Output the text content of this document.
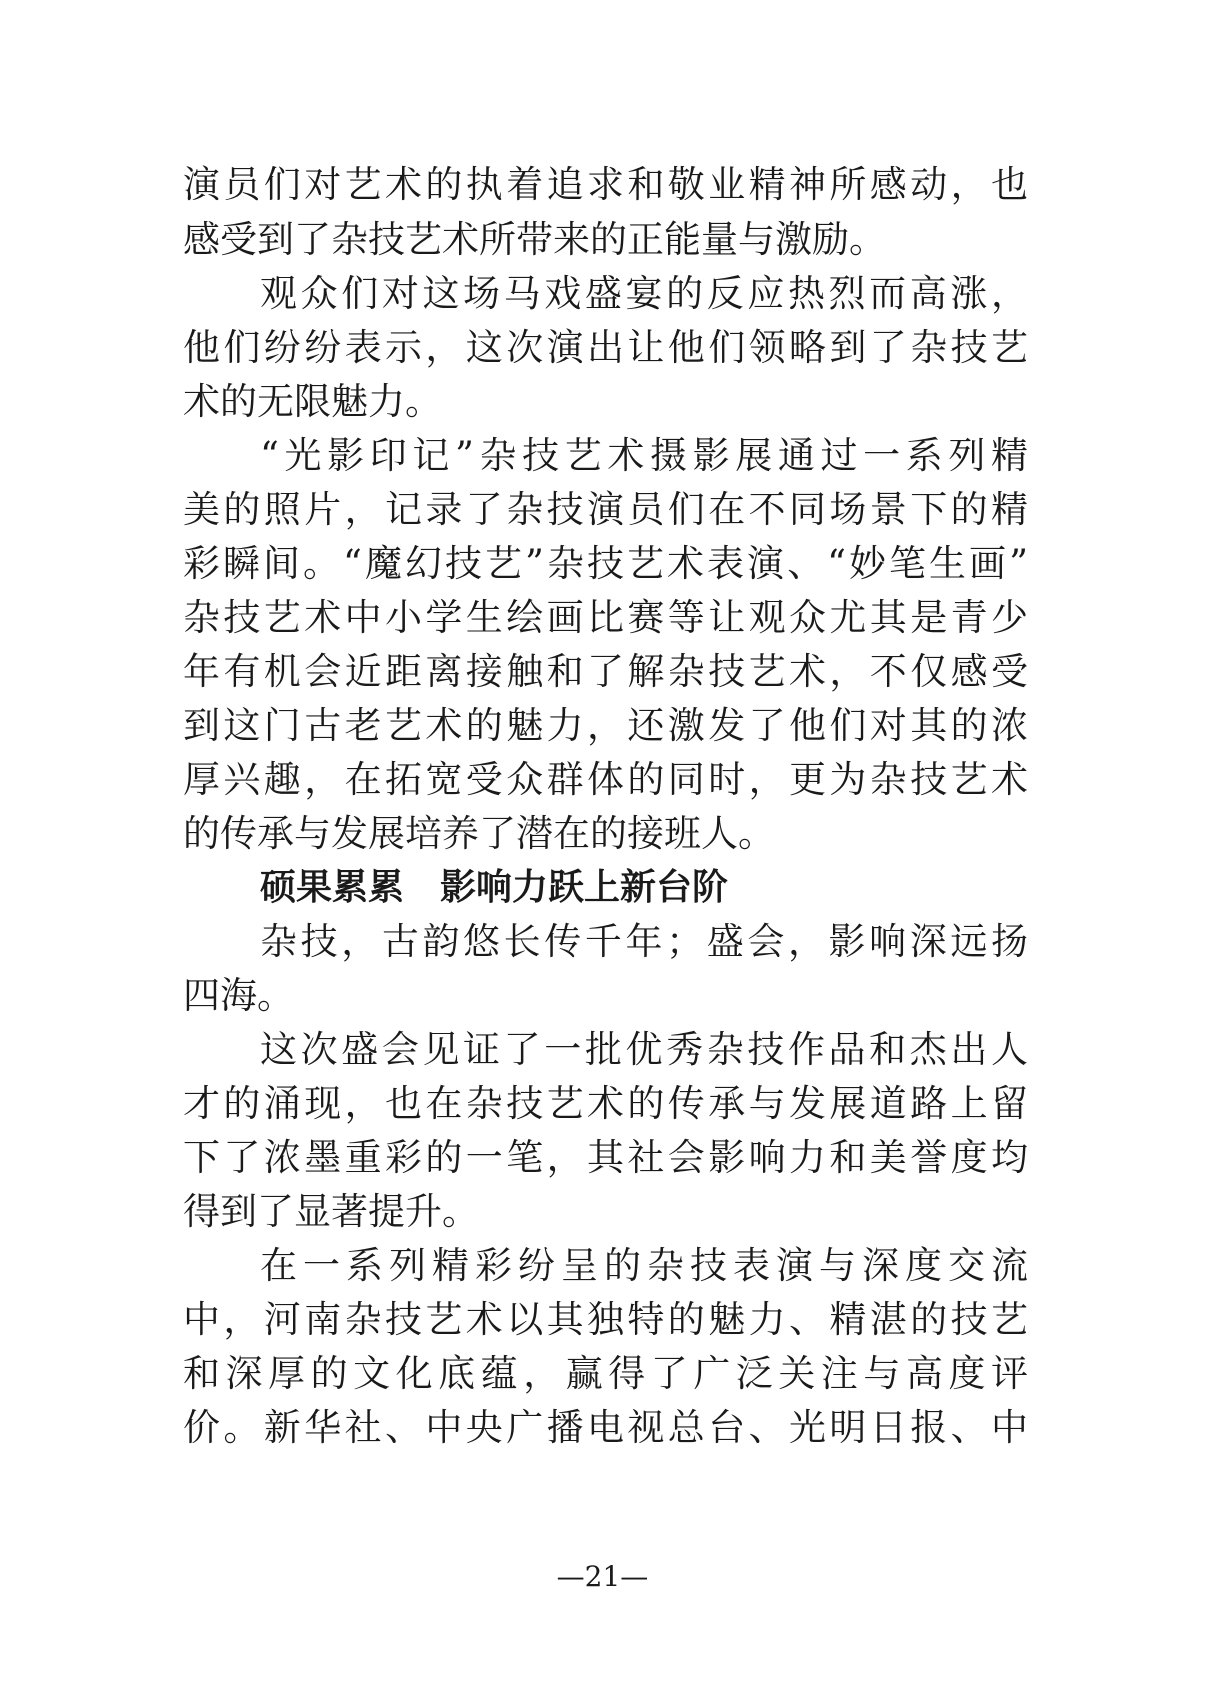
演员们对艺术的执着追求和敬业精神所感动，也
感受到了杂技艺术所带来的正能量与激励。
观众们对这场马戏盛宴的反应热烈而高涨，
他们纷纷表示，这次演出让他们领略到了杂技艺
术的无限魅力。
“光影印记”杂技艺术摄影展通过一系列精
美的照片，记录了杂技演员们在不同场景下的精
彩瞬间。“魔幻技艺”杂技艺术表演、“妙笔生画”
杂技艺术中小学生绘画比赛等让观众尤其是青少
年有机会近距离接触和了解杂技艺术，不仅感受
到这门古老艺术的魅力，还激发了他们对其的浓
厚兴趣，在拓宽受众群体的同时，更为杂技艺术
的传承与发展培养了潜在的接班人。
硕果累累　影响力跃上新台阶
杂技，古韵悠长传千年；盛会，影响深远扬
四海。
这次盛会见证了一批优秀杂技作品和杰出人
才的涌现，也在杂技艺术的传承与发展道路上留
下了浓墨重彩的一笔，其社会影响力和美誉度均
得到了显著提升。
在一系列精彩纷呈的杂技表演与深度交流
中，河南杂技艺术以其独特的魅力、精湛的技艺
和深厚的文化底蕴，赢得了广泛关注与高度评
价。新华社、中央广播电视总台、光明日报、中
—21—
